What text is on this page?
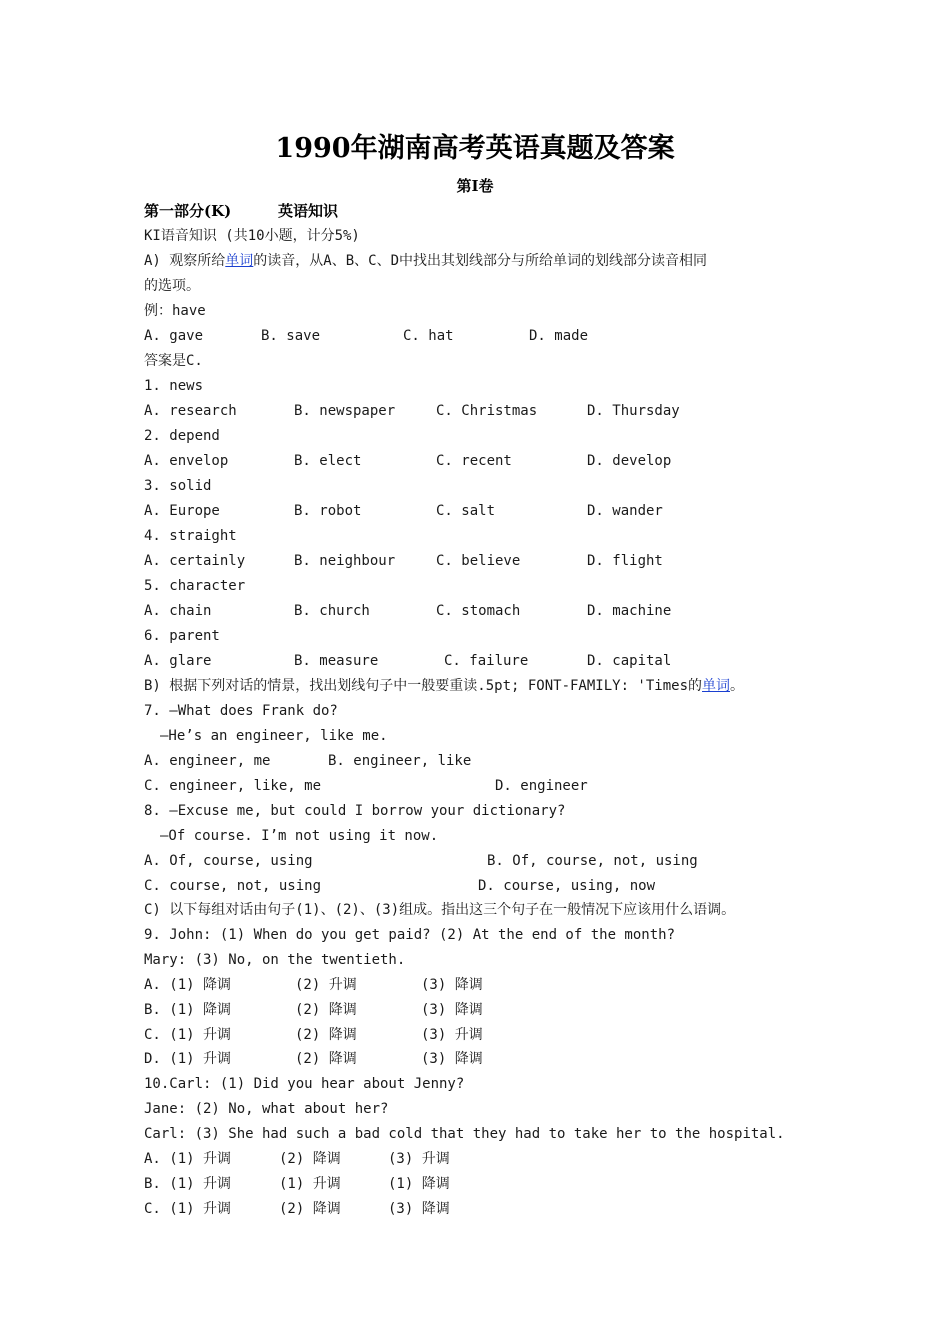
1990年湖南高考英语真题及答案
第I卷
第一部分(K)	英语知识
KI语音知识 (共10小题，计分5%)
A) 观察所给单词的读音，从A、B、C、D中找出其划线部分与所给单词的划线部分读音相同
的选项。
例：have
A. gave	B. save	C. hat	D. made
答案是C.
1. news
A. research	B. newspaper	C. Christmas	D. Thursday
2. depend
A. envelop	B. elect	C. recent	D. develop
3. solid
A. Europe	B. robot	C. salt	D. wander
4. straight
A. certainly	B. neighbour	C. believe	D. flight
5. character
A. chain	B. church	C. stomach	D. machine
6. parent
A. glare	B. measure	C. failure	D. capital
B) 根据下列对话的情景，找出划线句子中一般要重读.5pt; FONT-FAMILY: 'Times的单词。
7. —What does Frank do?
—He’s an engineer, like me.
A. engineer, me	B. engineer, like
C. engineer, like, me	D. engineer
8. —Excuse me, but could I borrow your dictionary?
—Of course. I’m not using it now.
A. Of, course, using	B. Of, course, not, using
C. course, not, using	D. course, using, now
C) 以下每组对话由句子(1)、(2)、(3)组成。指出这三个句子在一般情况下应该用什么语调。
9. John: (1) When do you get paid? (2) At the end of the month?
Mary: (3) No, on the twentieth.
A. (1) 降调	(2) 升调	(3) 降调
B. (1) 降调	(2) 降调	(3) 降调
C. (1) 升调	(2) 降调	(3) 升调
D. (1) 升调	(2) 降调	(3) 降调
10.Carl: (1) Did you hear about Jenny?
Jane: (2) No, what about her?
Carl: (3) She had such a bad cold that they had to take her to the hospital.
A. (1) 升调	(2) 降调	(3) 升调
B. (1) 升调	(1) 升调	(1) 降调
C. (1) 升调	(2) 降调	(3) 降调
